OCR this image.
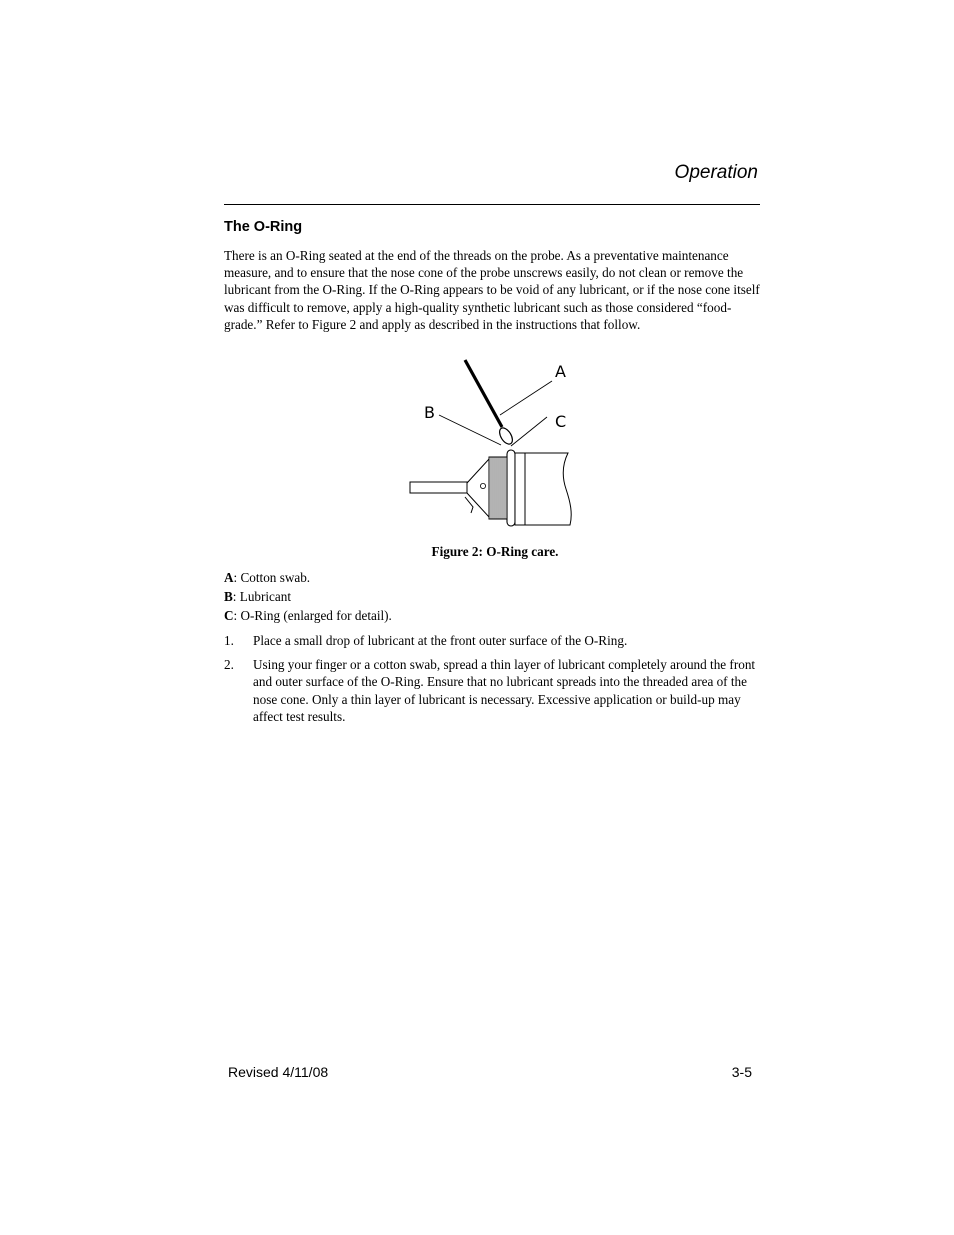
Operation
The O-Ring

There is an O-Ring seated at the end of the threads on the probe. As a preventative maintenance measure, and to ensure that the nose cone of the probe unscrews easily, do not clean or remove the lubricant from the O-Ring. If the O-Ring appears to be void of any lubricant, or if the nose cone itself was difficult to remove, apply a high-quality synthetic lubricant such as those considered “food-grade.” Refer to Figure 2 and apply as described in the instructions that follow.

A
B	C
Figure 2: O-Ring care.
A: Cotton swab.
B: Lubricant
C: O-Ring (enlarged for detail).
1. Place a small drop of lubricant at the front outer surface of the O-Ring.
2. Using your finger or a cotton swab, spread a thin layer of lubricant completely around the front and outer surface of the O-Ring. Ensure that no lubricant spreads into the threaded area of the nose cone. Only a thin layer of lubricant is necessary. Excessive application or build-up may affect test results.
Revised 4/11/08	3-5
